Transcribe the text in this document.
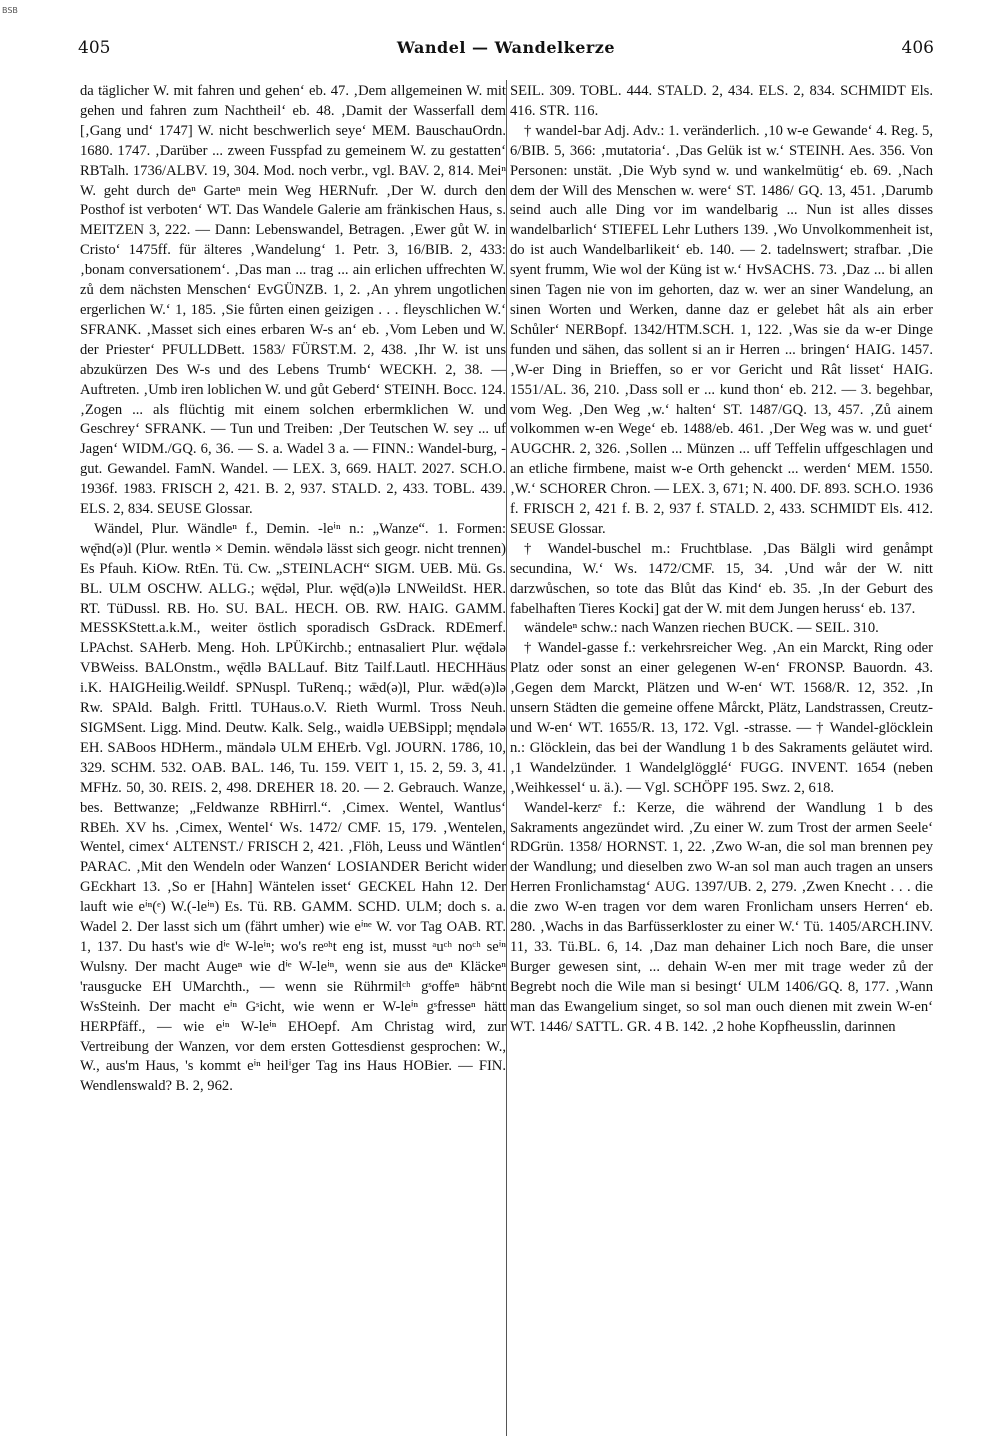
BSB
405	Wandel — Wandelkerze	406

da täglicher W. mit fahren und gehen‘ eb. 47. ‚Dem allgemeinen W. mit gehen und fahren zum Nachtheil‘ eb. 48. ‚Damit der Wasserfall dem [‚Gang und‘ 1747] W. nicht beschwerlich seye‘ MEM. BauschauOrdn. 1680. 1747. ‚Darüber ... zween Fusspfad zu gemeinem W. zu gestatten‘ RBTalh. 1736/ALBV. 19, 304. Mod. noch verbr., vgl. BAV. 2, 814. Meiⁿ W. geht durch deⁿ Garteⁿ mein Weg HERNufr. ‚Der W. durch den Posthof ist verboten‘ WT. Das Wandele Galerie am fränkischen Haus, s. MEITZEN 3, 222. — Dann: Lebenswandel, Betragen. ‚Ewer gůt W. in Cristo‘ 1475ff. für älteres ‚Wandelung‘ 1. Petr. 3, 16/BIB. 2, 433: ‚bonam conversationem‘. ‚Das man ... trag ... ain erlichen uffrechten W. zů dem nächsten Menschen‘ EvGÜNZB. 1, 2. ‚An yhrem ungotlichen ergerlichen W.‘ 1, 185. ‚Sie fůrten einen geizigen . . . fleyschlichen W.‘ SFRANK. ‚Masset sich eines erbaren W-s an‘ eb. ‚Vom Leben und W. der Priester‘ PFULLDBett. 1583/ FÜRST.M. 2, 438. ‚Ihr W. ist uns abzukürzen Des W-s und des Lebens Trumb‘ WECKH. 2, 38. — Auftreten. ‚Umb iren loblichen W. und gůt Geberd‘ STEINH. Bocc. 124. ‚Zogen ... als flüchtig mit einem solchen erbermklichen W. und Geschrey‘ SFRANK. — Tun und Treiben: ‚Der Teutschen W. sey ... uf Jagen‘ WIDM./GQ. 6, 36. — S. a. Wadel 3 a. — FINN.: Wandel-burg, -gut. Gewandel. FamN. Wandel. — LEX. 3, 669. HALT. 2027. SCH.O. 1936f. 1983. FRISCH 2, 421. B. 2, 937. STALD. 2, 433. TOBL. 439. ELS. 2, 834. SEUSE Glossar.

Wändel, Plur. Wändleⁿ f., Demin. -leⁱⁿ n.: „Wanze“. 1. Formen: wę̄nd(ə)l (Plur. wentlə × Demin. wēndələ lässt sich geogr. nicht trennen) Es Pfauh. KiOw. RtEn. Tü. Cw. „STEINLACH“ SIGM. UEB. Mü. Gs. BL. ULM OSCHW. ALLG.; wę̄dəl, Plur. wę̄d(ə)lə LNWeildSt. HER. RT. TüDussl. RB. Ho. SU. BAL. HECH. OB. RW. HAIG. GAMM. MESSKStett.a.k.M., weiter östlich sporadisch GsDrack. RDEmerf. LPAchst. SAHerb. Meng. Hoh. LPÜKirchb.; entnasaliert Plur. wę̄dələ VBWeiss. BALOnstm., wę̄dlə BALLauf. Bitz Tailf.Lautl. HECHHäus i.K. HAIGHeilig.Weildf. SPNuspl. TuRenq.; wǣd(ə)l, Plur. wǣd(ə)lə Rw. SPAld. Balgh. Frittl. TUHaus.o.V. Rieth Wurml. Tross Neuh. SIGMSent. Ligg. Mind. Deutw. Kalk. Selg., waidlə UEBSippl; męndələ EH. SABoos HDHerm., mändələ ULM EHErb. Vgl. JOURN. 1786, 10, 329. SCHM. 532. OAB. BAL. 146, Tu. 159. VEIT 1, 15. 2, 59. 3, 41. MFHz. 50, 30. REIS. 2, 498. DREHER 18. 20. — 2. Gebrauch. Wanze, bes. Bettwanze; „Feldwanze RBHirrl.“. ‚Cimex. Wentel, Wantlus‘ RBEh. XV hs. ‚Cimex, Wentel‘ Ws. 1472/ CMF. 15, 179. ‚Wentelen, Wentel, cimex‘ ALTENST./ FRISCH 2, 421. ‚Flöh, Leuss und Wäntlen‘ PARAC. ‚Mit den Wendeln oder Wanzen‘ LOSIANDER Bericht wider GEckhart 13. ‚So er [Hahn] Wäntelen isset‘ GECKEL Hahn 12. Der lauft wie eⁱⁿ(ᵉ) W.(-leⁱⁿ) Es. Tü. RB. GAMM. SCHD. ULM; doch s. a. Wadel 2. Der lasst sich um (fährt umher) wie eⁱⁿᵉ W. vor Tag OAB. RT. 1, 137. Du hast's wie dⁱᵉ W-leⁱⁿ; wo's reᵒʰt eng ist, musst ᵃuᶜʰ noᶜʰ seⁱⁿ Wulsny. Der macht Augeⁿ wie dⁱᵉ W-leⁱⁿ, wenn sie aus deⁿ Kläckeⁿ 'rausgucke EH UMarchth., — wenn sie Rührmilᶜʰ gˢoffeⁿ häbᵉnt WsSteinh. Der macht eⁱⁿ Gˢicht, wie wenn er W-leⁱⁿ gˢfresseⁿ hätt HERPfäff., — wie eⁱⁿ W-leⁱⁿ EHOepf. Am Christag wird, zur Vertreibung der Wanzen, vor dem ersten Gottesdienst gesprochen: W., W., aus'm Haus, 's kommt eⁱⁿ heilⁱger Tag ins Haus HOBier. — FIN. Wendlenswald? B. 2, 962.

SEIL. 309. TOBL. 444. STALD. 2, 434. ELS. 2, 834. SCHMIDT Els. 416. STR. 116.

† wandel-bar Adj. Adv.: 1. veränderlich. ‚10 w-e Gewande‘ 4. Reg. 5, 6/BIB. 5, 366: ‚mutatoria‘. ‚Das Gelük ist w.‘ STEINH. Aes. 356. Von Personen: unstät. ‚Die Wyb synd w. und wankelmütig‘ eb. 69. ‚Nach dem der Will des Menschen w. were‘ ST. 1486/ GQ. 13, 451. ‚Darumb seind auch alle Ding vor im wandelbarig ... Nun ist alles disses wandelbarlich‘ STIEFEL Lehr Luthers 139. ‚Wo Unvolkommenheit ist, do ist auch Wandelbarlikeit‘ eb. 140. — 2. tadelnswert; strafbar. ‚Die syent frumm, Wie wol der Küng ist w.‘ HvSACHS. 73. ‚Daz ... bi allen sinen Tagen nie von im gehorten, daz w. wer an siner Wandelung, an sinen Worten und Werken, danne daz er gelebet hât als ain erber Schůler‘ NERBopf. 1342/HTM.SCH. 1, 122. ‚Was sie da w-er Dinge funden und sähen, das sollent si an ir Herren ... bringen‘ HAIG. 1457. ‚W-er Ding in Brieffen, so er vor Gericht und Rât lisset‘ HAIG. 1551/AL. 36, 210. ‚Dass soll er ... kund thon‘ eb. 212. — 3. begehbar, vom Weg. ‚Den Weg ‚w.‘ halten‘ ST. 1487/GQ. 13, 457. ‚Zů ainem volkommen w-en Wege‘ eb. 1488/eb. 461. ‚Der Weg was w. und guet‘ AUGCHR. 2, 326. ‚Sollen ... Münzen ... uff Teffelin uffgeschlagen und an etliche firmbene, maist w-e Orth gehenckt ... werden‘ MEM. 1550. ‚W.‘ SCHORER Chron. — LEX. 3, 671; N. 400. DF. 893. SCH.O. 1936 f. FRISCH 2, 421 f. B. 2, 937 f. STALD. 2, 433. SCHMIDT Els. 412. SEUSE Glossar.

† Wandel-buschel m.: Fruchtblase. ‚Das Bälgli wird genåmpt secundina, W.‘ Ws. 1472/CMF. 15, 34. ‚Und wår der W. nitt darzwůschen, so tote das Blůt das Kind‘ eb. 35. ‚In der Geburt des fabelhaften Tieres Kocki] gat der W. mit dem Jungen heruss‘ eb. 137.

wändeleⁿ schw.: nach Wanzen riechen BUCK. — SEIL. 310.

† Wandel-gasse f.: verkehrsreicher Weg. ‚An ein Marckt, Ring oder Platz oder sonst an einer gelegenen W-en‘ FRONSP. Bauordn. 43. ‚Gegen dem Marckt, Plätzen und W-en‘ WT. 1568/R. 12, 352. ‚In unsern Städten die gemeine offene Mårckt, Plätz, Landstrassen, Creutz- und W-en‘ WT. 1655/R. 13, 172. Vgl. -strasse. — † Wandel-glöcklein n.: Glöcklein, das bei der Wandlung 1 b des Sakraments geläutet wird. ‚1 Wandelzünder. 1 Wandelglögglé‘ FUGG. INVENT. 1654 (neben ‚Weihkessel‘ u. ä.). — Vgl. SCHÖPF 195. Swz. 2, 618.

Wandel-kerzᵉ f.: Kerze, die während der Wandlung 1 b des Sakraments angezündet wird. ‚Zu einer W. zum Trost der armen Seele‘ RDGrün. 1358/ HORNST. 1, 22. ‚Zwo W-an, die sol man brennen pey der Wandlung; und dieselben zwo W-an sol man auch tragen an unsers Herren Fronlichamstag‘ AUG. 1397/UB. 2, 279. ‚Zwen Knecht . . . die die zwo W-en tragen vor dem waren Fronlicham unsers Herren‘ eb. 280. ‚Wachs in das Barfüsserkloster zu einer W.‘ Tü. 1405/ARCH.INV. 11, 33. Tü.BL. 6, 14. ‚Daz man dehainer Lich noch Bare, die unser Burger gewesen sint, ... dehain W-en mer mit trage weder zů der Begrebt noch die Wile man si besingt‘ ULM 1406/GQ. 8, 177. ‚Wann man das Ewangelium singet, so sol man ouch dienen mit zwein W-en‘ WT. 1446/ SATTL. GR. 4 B. 142. ‚2 hohe Kopfheusslin, darinnen
